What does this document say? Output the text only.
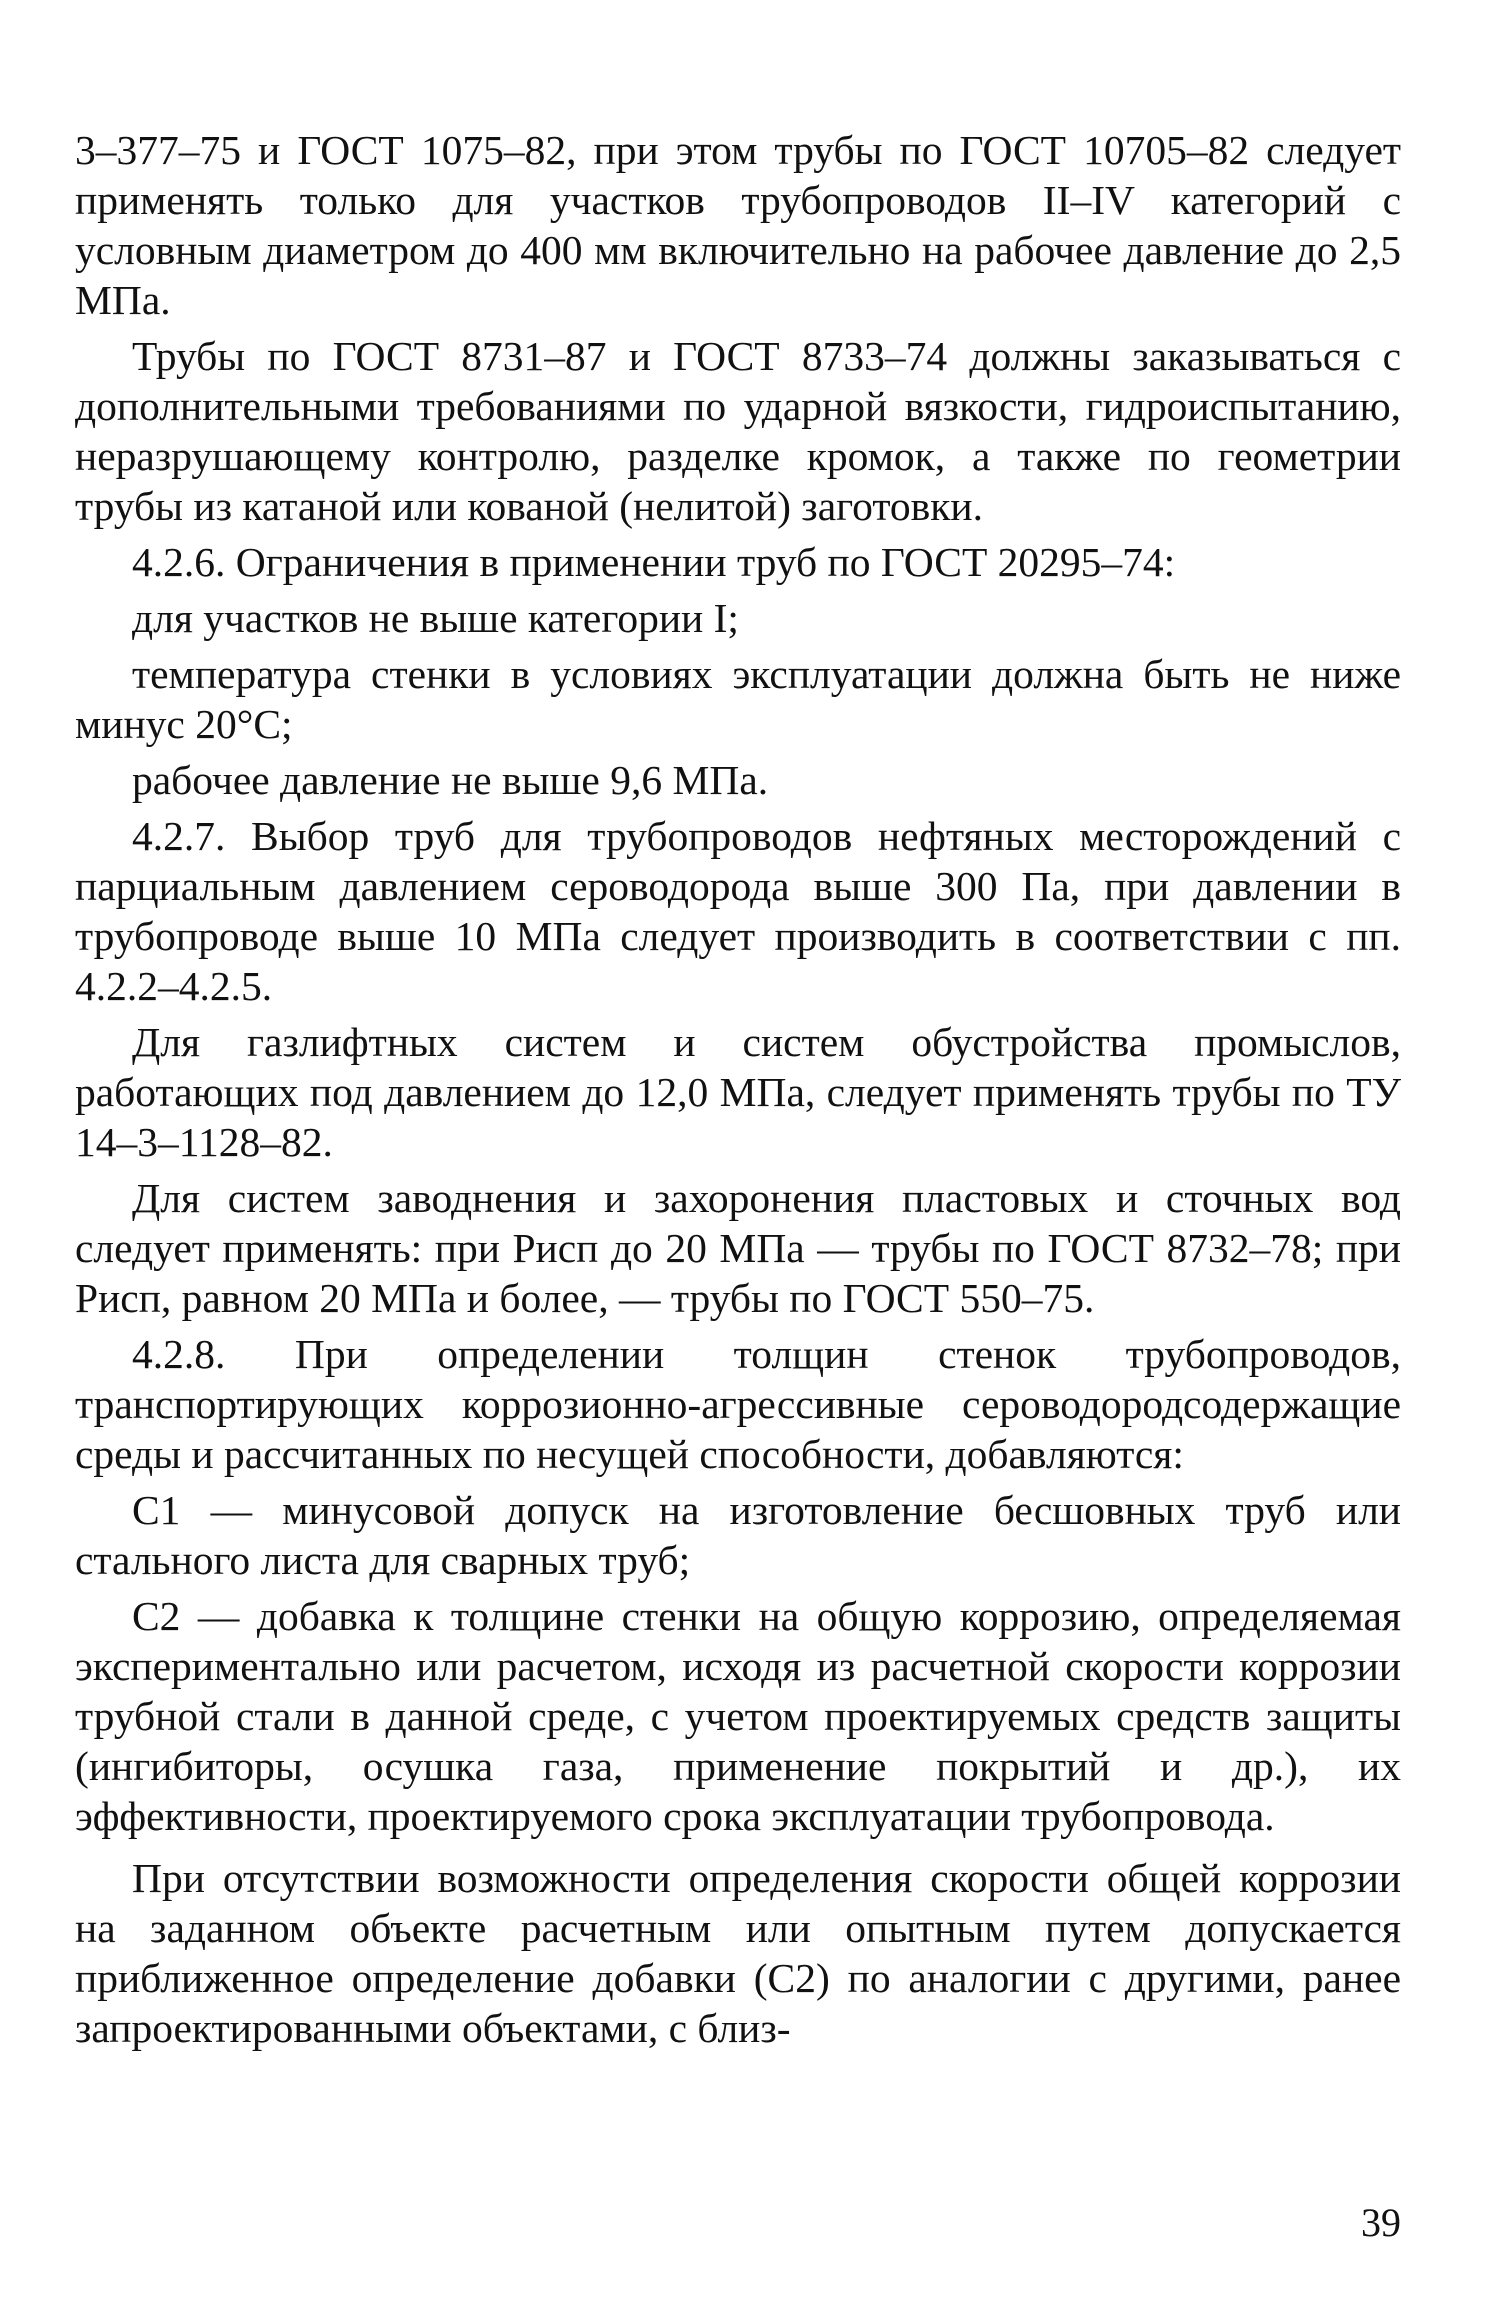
3–377–75 и ГОСТ 1075–82, при этом трубы по ГОСТ 10705–82 следует применять только для участков трубопроводов II–IV категорий с условным диаметром до 400 мм включительно на рабочее давление до 2,5 МПа.

Трубы по ГОСТ 8731–87 и ГОСТ 8733–74 должны заказываться с дополнительными требованиями по ударной вязкости, гидроиспытанию, неразрушающему контролю, разделке кромок, а также по геометрии трубы из катаной или кованой (нелитой) заготовки.

4.2.6. Ограничения в применении труб по ГОСТ 20295–74:

для участков не выше категории I;

температура стенки в условиях эксплуатации должна быть не ниже минус 20°С;

рабочее давление не выше 9,6 МПа.

4.2.7. Выбор труб для трубопроводов нефтяных месторождений с парциальным давлением сероводорода выше 300 Па, при давлении в трубопроводе выше 10 МПа следует производить в соответствии с пп. 4.2.2–4.2.5.

Для газлифтных систем и систем обустройства промыслов, работающих под давлением до 12,0 МПа, следует применять трубы по ТУ 14–3–1128–82.

Для систем заводнения и захоронения пластовых и сточных вод следует применять: при Рисп до 20 МПа — трубы по ГОСТ 8732–78; при Рисп, равном 20 МПа и более, — трубы по ГОСТ 550–75.

4.2.8. При определении толщин стенок трубопроводов, транспортирующих коррозионно-агрессивные сероводородсодержащие среды и рассчитанных по несущей способности, добавляются:

С1 — минусовой допуск на изготовление бесшовных труб или стального листа для сварных труб;

С2 — добавка к толщине стенки на общую коррозию, определяемая экспериментально или расчетом, исходя из расчетной скорости коррозии трубной стали в данной среде, с учетом проектируемых средств защиты (ингибиторы, осушка газа, применение покрытий и др.), их эффективности, проектируемого срока эксплуатации трубопровода.

При отсутствии возможности определения скорости общей коррозии на заданном объекте расчетным или опытным путем допускается приближенное определение добавки (С2) по аналогии с другими, ранее запроектированными объектами, с близ-

39
